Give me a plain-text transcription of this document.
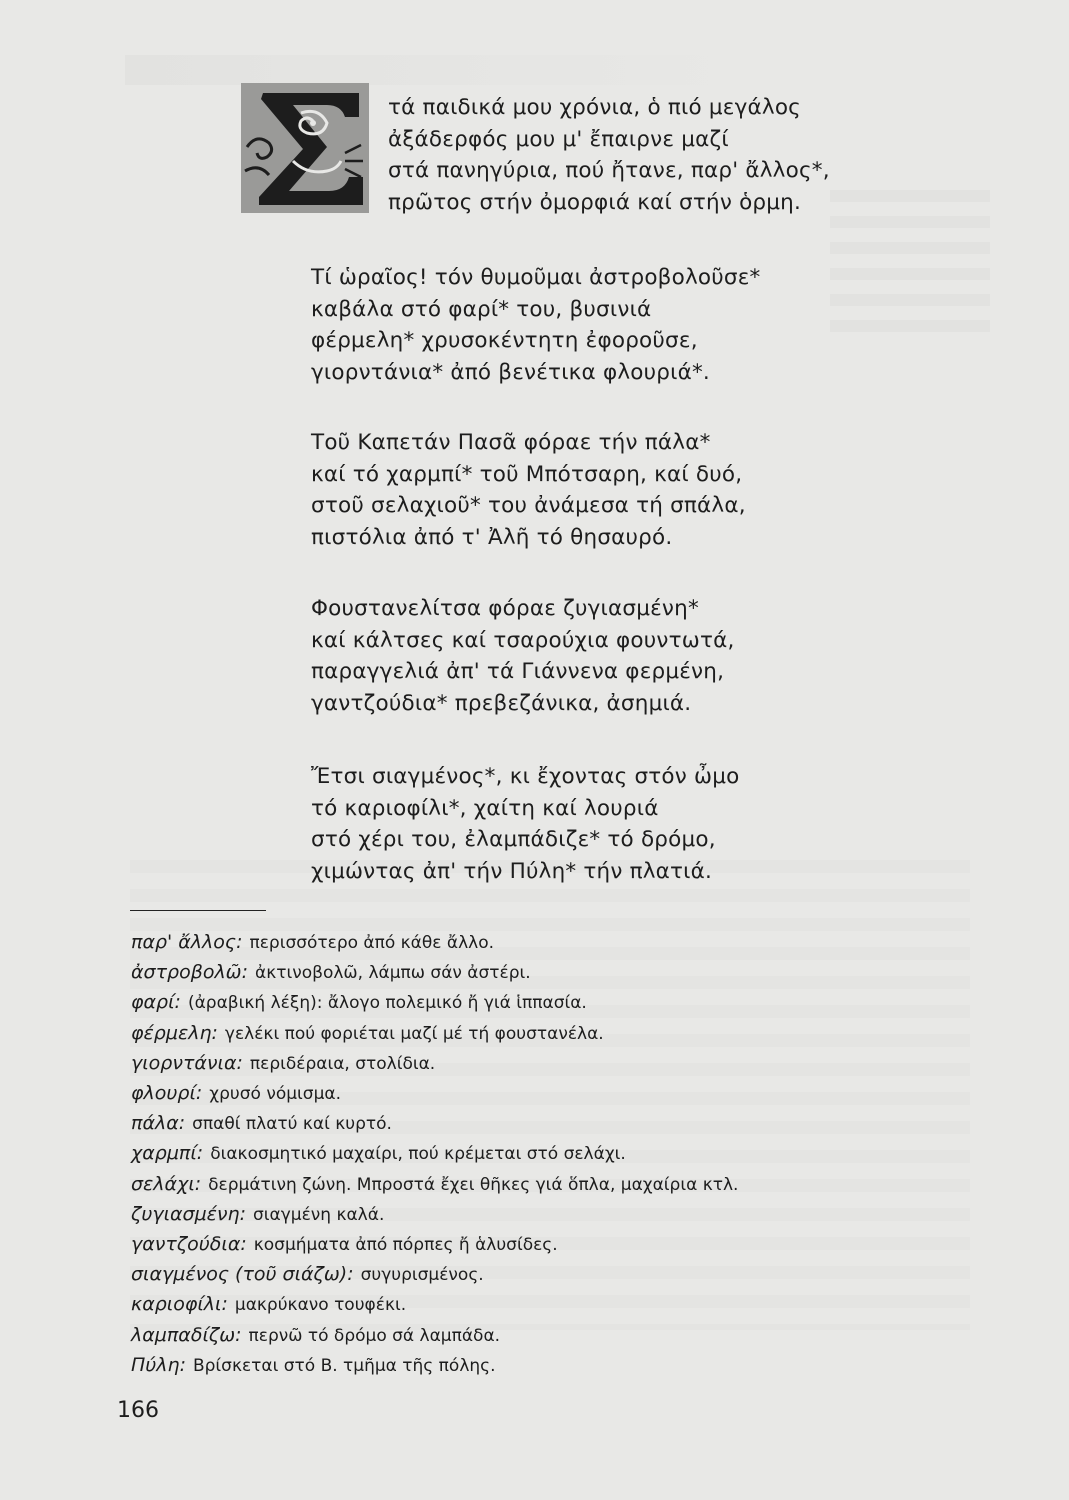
τά παιδικά μου χρόνια, ὁ πιό μεγάλος
ἀξάδερφός μου μ' ἔπαιρνε μαζί
στά πανηγύρια, πού ἤτανε, παρ' ἄλλος*,
πρῶτος στήν ὀμορφιά καί στήν ὁρμη.
Τί ὡραῖος! τόν θυμοῦμαι ἀστροβολοῦσε*
καβάλα στό φαρί* του, βυσινιά
φέρμελη* χρυσοκέντητη ἐφοροῦσε,
γιορντάνια* ἀπό βενέτικα φλουριά*.
Τοῦ Καπετάν Πασᾶ φόραε τήν πάλα*
καί τό χαρμπί* τοῦ Μπότσαρη, καί δυό,
στοῦ σελαχιοῦ* του ἀνάμεσα τή σπάλα,
πιστόλια ἀπό τ' Ἀλῆ τό θησαυρό.
Φουστανελίτσα φόραε ζυγιασμένη*
καί κάλτσες καί τσαρούχια φουντωτά,
παραγγελιά ἀπ' τά Γιάννενα φερμένη,
γαντζούδια* πρεβεζάνικα, ἀσημιά.
Ἔτσι σιαγμένος*, κι ἔχοντας στόν ὦμο
τό καριοφίλι*, χαίτη καί λουριά
στό χέρι του, ἐλαμπάδιζε* τό δρόμο,
χιμώντας ἀπ' τήν Πύλη* τήν πλατιά.
παρ' ἄλλος: περισσότερο ἀπό κάθε ἄλλο.
ἀστροβολῶ: ἀκτινοβολῶ, λάμπω σάν ἀστέρι.
φαρί: (ἀραβική λέξη): ἄλογο πολεμικό ἤ γιά ἱππασία.
φέρμελη: γελέκι πού φοριέται μαζί μέ τή φουστανέλα.
γιορντάνια: περιδέραια, στολίδια.
φλουρί: χρυσό νόμισμα.
πάλα: σπαθί πλατύ καί κυρτό.
χαρμπί: διακοσμητικό μαχαίρι, πού κρέμεται στό σελάχι.
σελάχι: δερμάτινη ζώνη. Μπροστά ἔχει θῆκες γιά ὅπλα, μαχαίρια κτλ.
ζυγιασμένη: σιαγμένη καλά.
γαντζούδια: κοσμήματα ἀπό πόρπες ἤ ἁλυσίδες.
σιαγμένος (τοῦ σιάζω): συγυρισμένος.
καριοφίλι: μακρύκανο τουφέκι.
λαμπαδίζω: περνῶ τό δρόμο σά λαμπάδα.
Πύλη: Βρίσκεται στό Β. τμῆμα τῆς πόλης.
166
